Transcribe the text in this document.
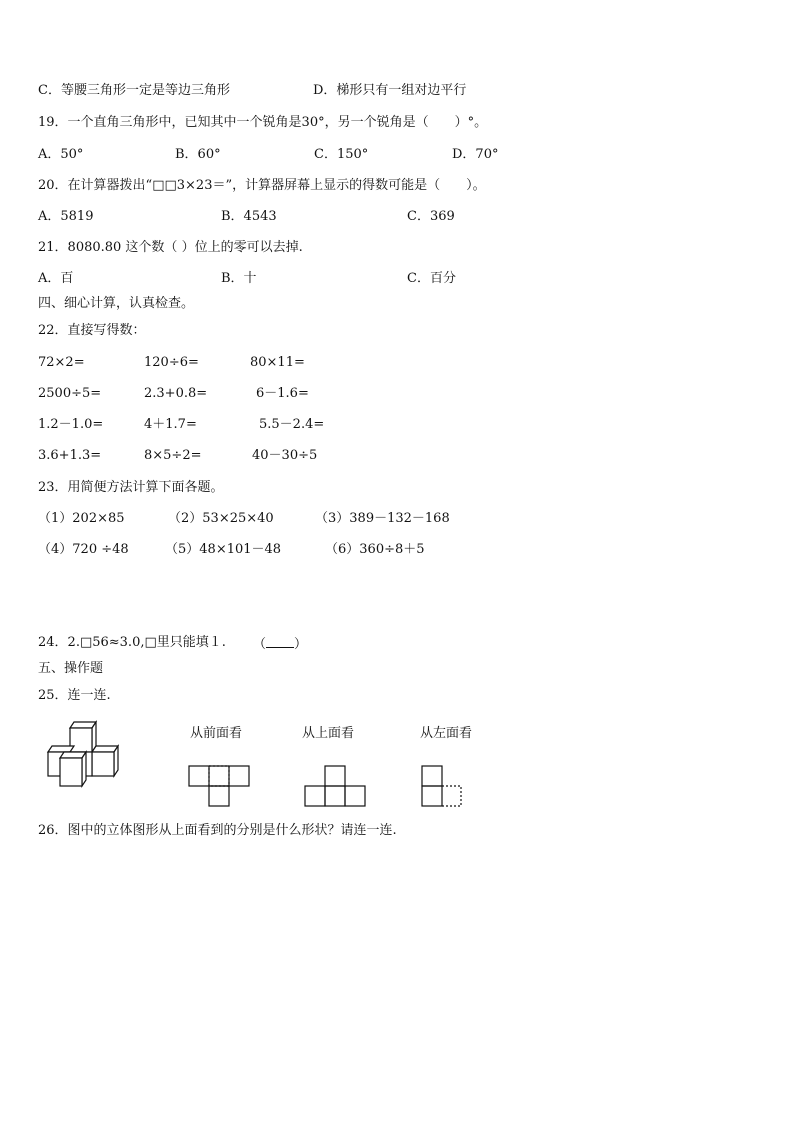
C．等腰三角形一定是等边三角形	D．梯形只有一组对边平行
19．一个直角三角形中，已知其中一个锐角是30°，另一个锐角是（　　）°。
A．50°	B．60°	C．150°	D．70°
20．在计算器拨出“□□3×23＝”，计算器屏幕上显示的得数可能是（　　）。
A．5819	B．4543	C．369
21．8080.80 这个数（ ）位上的零可以去掉.
A．百	B．十	C．百分
四、细心计算，认真检查。
22．直接写得数：
72×2=	120÷6=	80×11=
2500÷5=	2.3+0.8=	6－1.6=
1.2－1.0=	4＋1.7=	5.5－2.4=
3.6+1.3=	8×5÷2=	40－30÷5
23．用简便方法计算下面各题。
（1）202×85	（2）53×25×40	（3）389－132－168
（4）720 ÷48	（5）48×101－48	（6）360÷8＋5
24．2.□56≈3.0,□里只能填１. （ ）
五、操作题
25．连一连.
从前面看	从上面看	从左面看
26．图中的立体图形从上面看到的分别是什么形状？请连一连.
